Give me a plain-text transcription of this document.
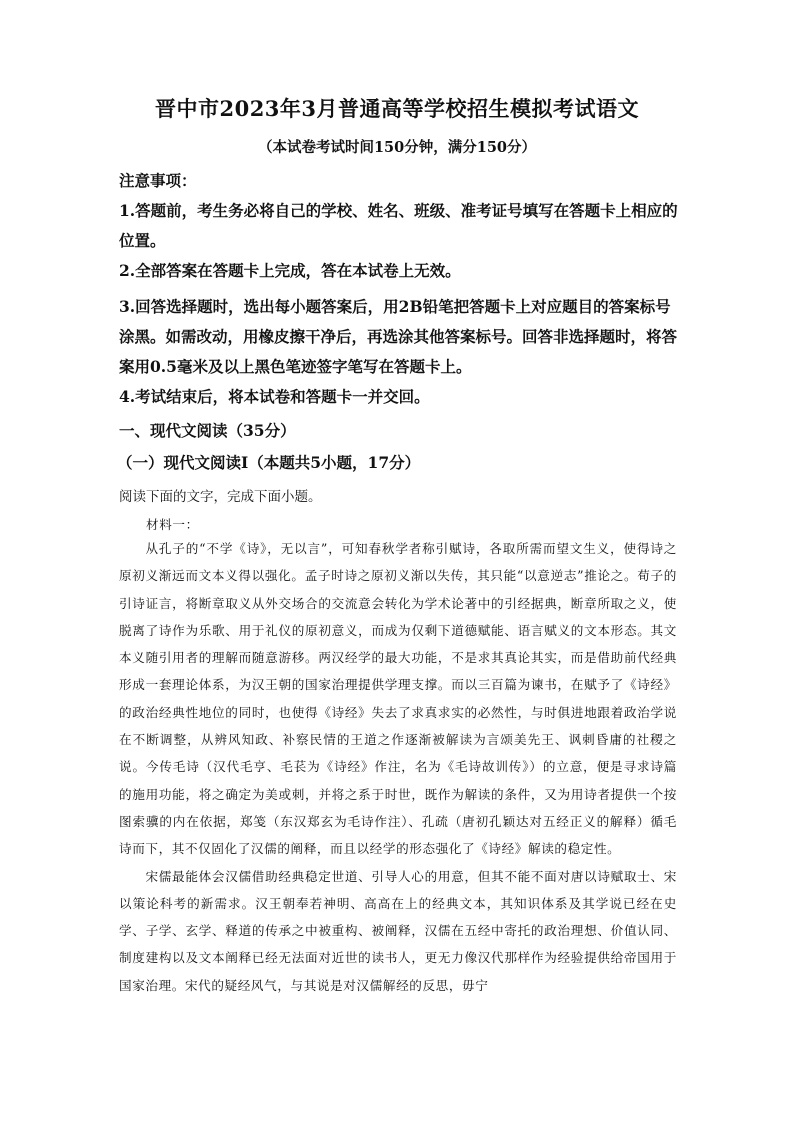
晋中市2023年3月普通高等学校招生模拟考试语文
（本试卷考试时间150分钟，满分150分）
注意事项：
1.答题前，考生务必将自己的学校、姓名、班级、准考证号填写在答题卡上相应的位置。
2.全部答案在答题卡上完成，答在本试卷上无效。
3.回答选择题时，选出每小题答案后，用2B铅笔把答题卡上对应题目的答案标号涂黑。如需改动，用橡皮擦干净后，再选涂其他答案标号。回答非选择题时，将答案用0.5毫米及以上黑色笔迹签字笔写在答题卡上。
4.考试结束后，将本试卷和答题卡一并交回。
一、现代文阅读（35分）
（一）现代文阅读Ⅰ（本题共5小题，17分）
阅读下面的文字，完成下面小题。
材料一：

从孔子的“不学《诗》，无以言”，可知春秋学者称引赋诗，各取所需而望文生义，使得诗之原初义渐远而文本义得以强化。孟子时诗之原初义渐以失传，其只能“以意逆志”推论之。荀子的引诗证言，将断章取义从外交场合的交流意会转化为学术论著中的引经据典，断章所取之义，使脱离了诗作为乐歌、用于礼仪的原初意义，而成为仅剩下道德赋能、语言赋义的文本形态。其文本义随引用者的理解而随意游移。两汉经学的最大功能，不是求其真论其实，而是借助前代经典形成一套理论体系，为汉王朝的国家治理提供学理支撑。而以三百篇为谏书，在赋予了《诗经》的政治经典性地位的同时，也使得《诗经》失去了求真求实的必然性，与时俱进地跟着政治学说在不断调整，从辨风知政、补察民情的王道之作逐渐被解读为言颂美先王、讽刺昏庸的社稷之说。今传毛诗（汉代毛亨、毛苌为《诗经》作注，名为《毛诗故训传》）的立意，便是寻求诗篇的施用功能，将之确定为美或刺，并将之系于时世，既作为解读的条件，又为用诗者提供一个按图索骥的内在依据，郑笺（东汉郑玄为毛诗作注）、孔疏（唐初孔颖达对五经正义的解释）循毛诗而下，其不仅固化了汉儒的阐释，而且以经学的形态强化了《诗经》解读的稳定性。

宋儒最能体会汉儒借助经典稳定世道、引导人心的用意，但其不能不面对唐以诗赋取士、宋以策论科考的新需求。汉王朝奉若神明、高高在上的经典文本，其知识体系及其学说已经在史学、子学、玄学、释道的传承之中被重构、被阐释，汉儒在五经中寄托的政治理想、价值认同、制度建构以及文本阐释已经无法面对近世的读书人，更无力像汉代那样作为经验提供给帝国用于国家治理。宋代的疑经风气，与其说是对汉儒解经的反思，毋宁
